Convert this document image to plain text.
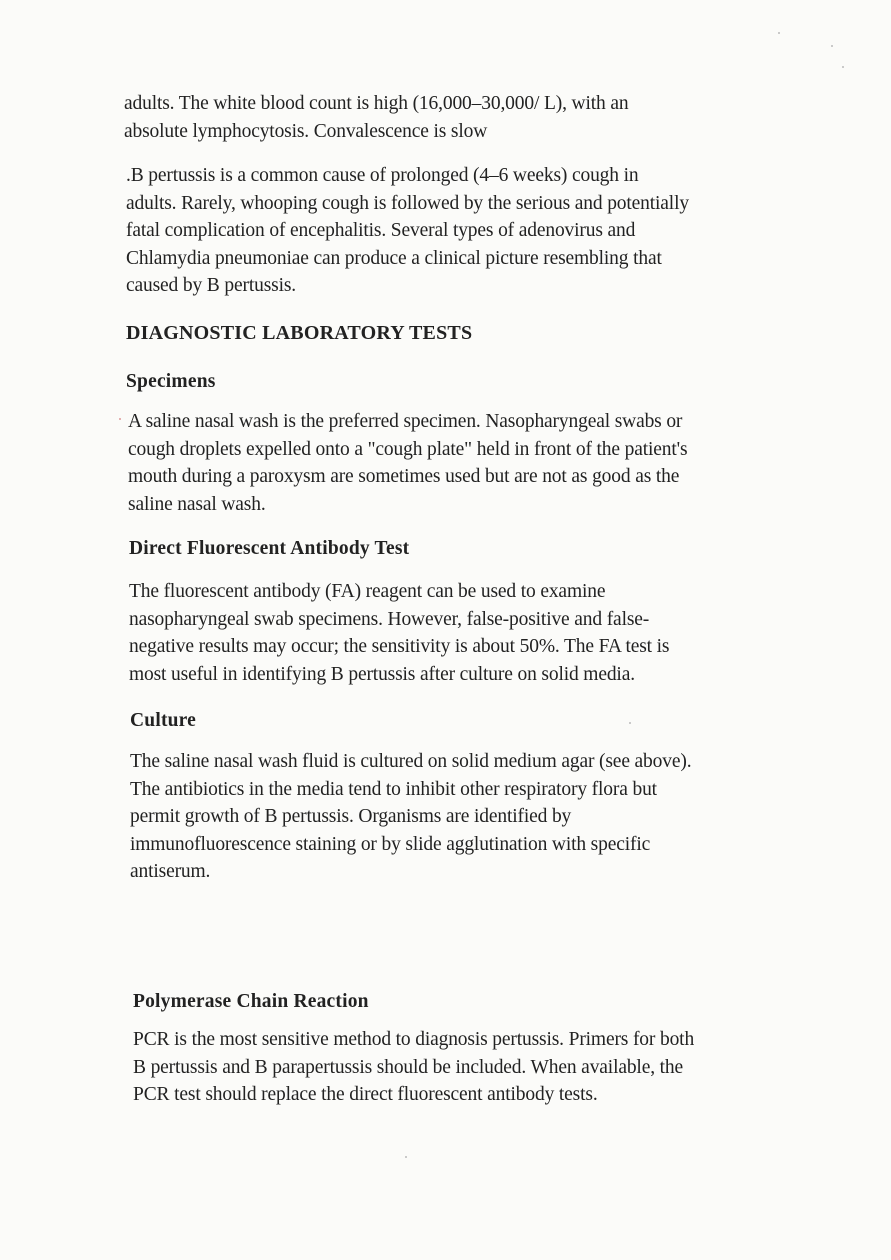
adults. The white blood count is high (16,000–30,000/ L), with an
absolute lymphocytosis. Convalescence is slow
.B pertussis is a common cause of prolonged (4–6 weeks) cough in
adults. Rarely, whooping cough is followed by the serious and potentially
fatal complication of encephalitis. Several types of adenovirus and
Chlamydia pneumoniae can produce a clinical picture resembling that
caused by B pertussis.
DIAGNOSTIC LABORATORY TESTS
Specimens
A saline nasal wash is the preferred specimen. Nasopharyngeal swabs or
cough droplets expelled onto a "cough plate" held in front of the patient's
mouth during a paroxysm are sometimes used but are not as good as the
saline nasal wash.
Direct Fluorescent Antibody Test
The fluorescent antibody (FA) reagent can be used to examine
nasopharyngeal swab specimens. However, false-positive and false-
negative results may occur; the sensitivity is about 50%. The FA test is
most useful in identifying B pertussis after culture on solid media.
Culture
The saline nasal wash fluid is cultured on solid medium agar (see above).
The antibiotics in the media tend to inhibit other respiratory flora but
permit growth of B pertussis. Organisms are identified by
immunofluorescence staining or by slide agglutination with specific
antiserum.
Polymerase Chain Reaction
PCR is the most sensitive method to diagnosis pertussis. Primers for both
B pertussis and B parapertussis should be included. When available, the
PCR test should replace the direct fluorescent antibody tests.
